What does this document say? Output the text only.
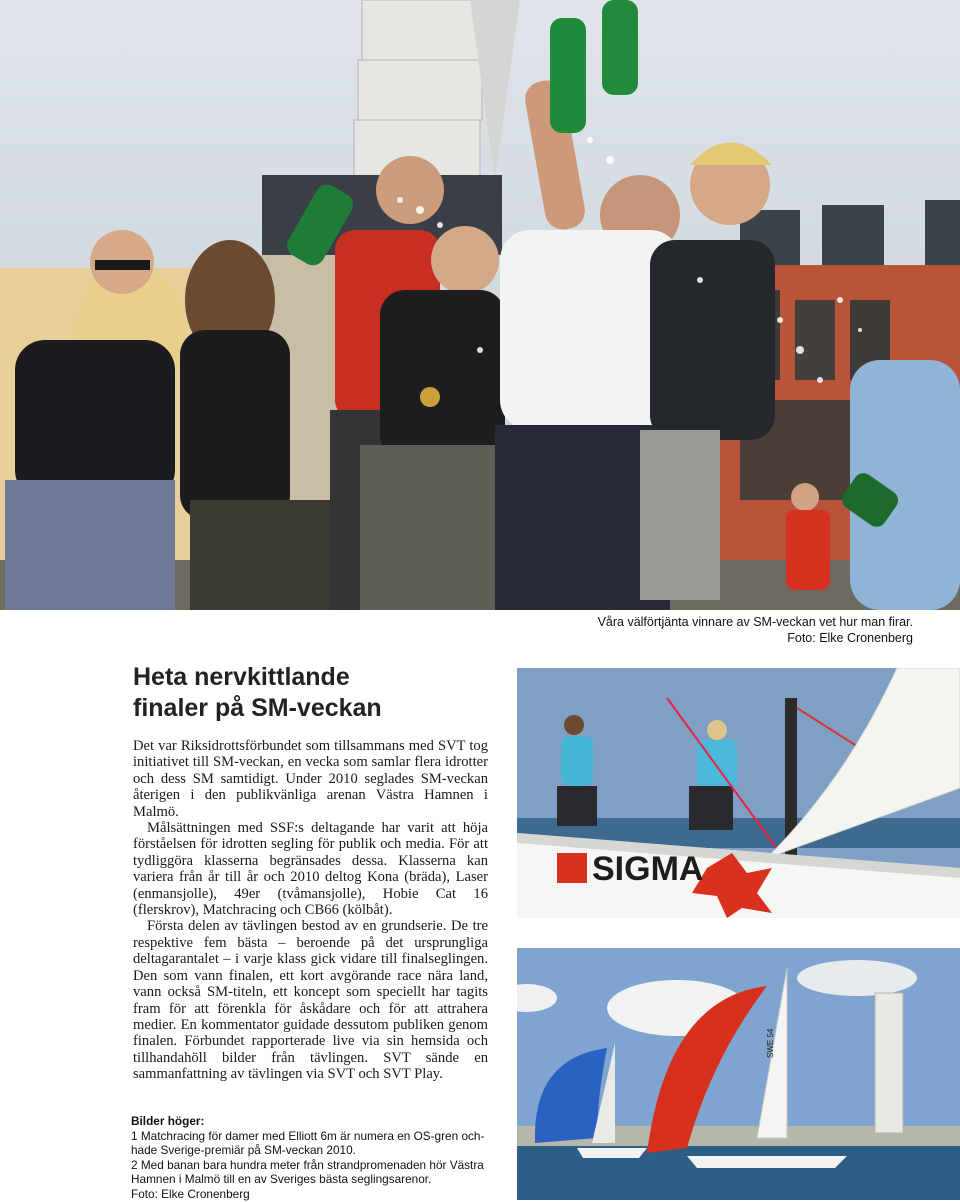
Våra välförtjänta vinnare av SM-veckan vet hur man firar.
Foto: Elke Cronenberg
Heta nervkittlande
finaler på SM-veckan

Det var Riksidrottsförbundet som tillsammans med SVT tog initiativet till SM-veckan, en vecka som samlar flera idrotter och dess SM samtidigt. Under 2010 seglades SM-veckan återigen i den publikvänliga arenan Västra Hamnen i Malmö.

Målsättningen med SSF:s deltagande har varit att höja förståelsen för idrotten segling för publik och media. För att tydliggöra klasserna begränsades dessa. Klasserna kan variera från år till år och 2010 deltog Kona (bräda), Laser (enmansjolle), 49er (tvåmansjolle), Hobie Cat 16 (flerskrov), Matchracing och CB66 (kölbåt).

Första delen av tävlingen bestod av en grundserie. De tre respektive fem bästa – beroende på det ursprungliga deltagarantalet – i varje klass gick vidare till finalseglingen. Den som vann finalen, ett kort avgörande race nära land, vann också SM-titeln, ett koncept som speciellt har tagits fram för att förenkla för åskådare och för att attrahera medier. En kommentator guidade dessutom publiken genom finalen. Förbundet rapporterade live via sin hemsida och tillhandahöll bilder från tävlingen. SVT sände en sammanfattning av tävlingen via SVT och SVT Play.

SIGMA
SWE 54
Bilder höger:
1 Matchracing för damer med Elliott 6m är numera en OS-gren och-hade Sverige-premiär på SM-veckan 2010.
2 Med banan bara hundra meter från strandpromenaden hör Västra Hamnen i Malmö till en av Sveriges bästa seglingsarenor.
Foto: Elke Cronenberg
